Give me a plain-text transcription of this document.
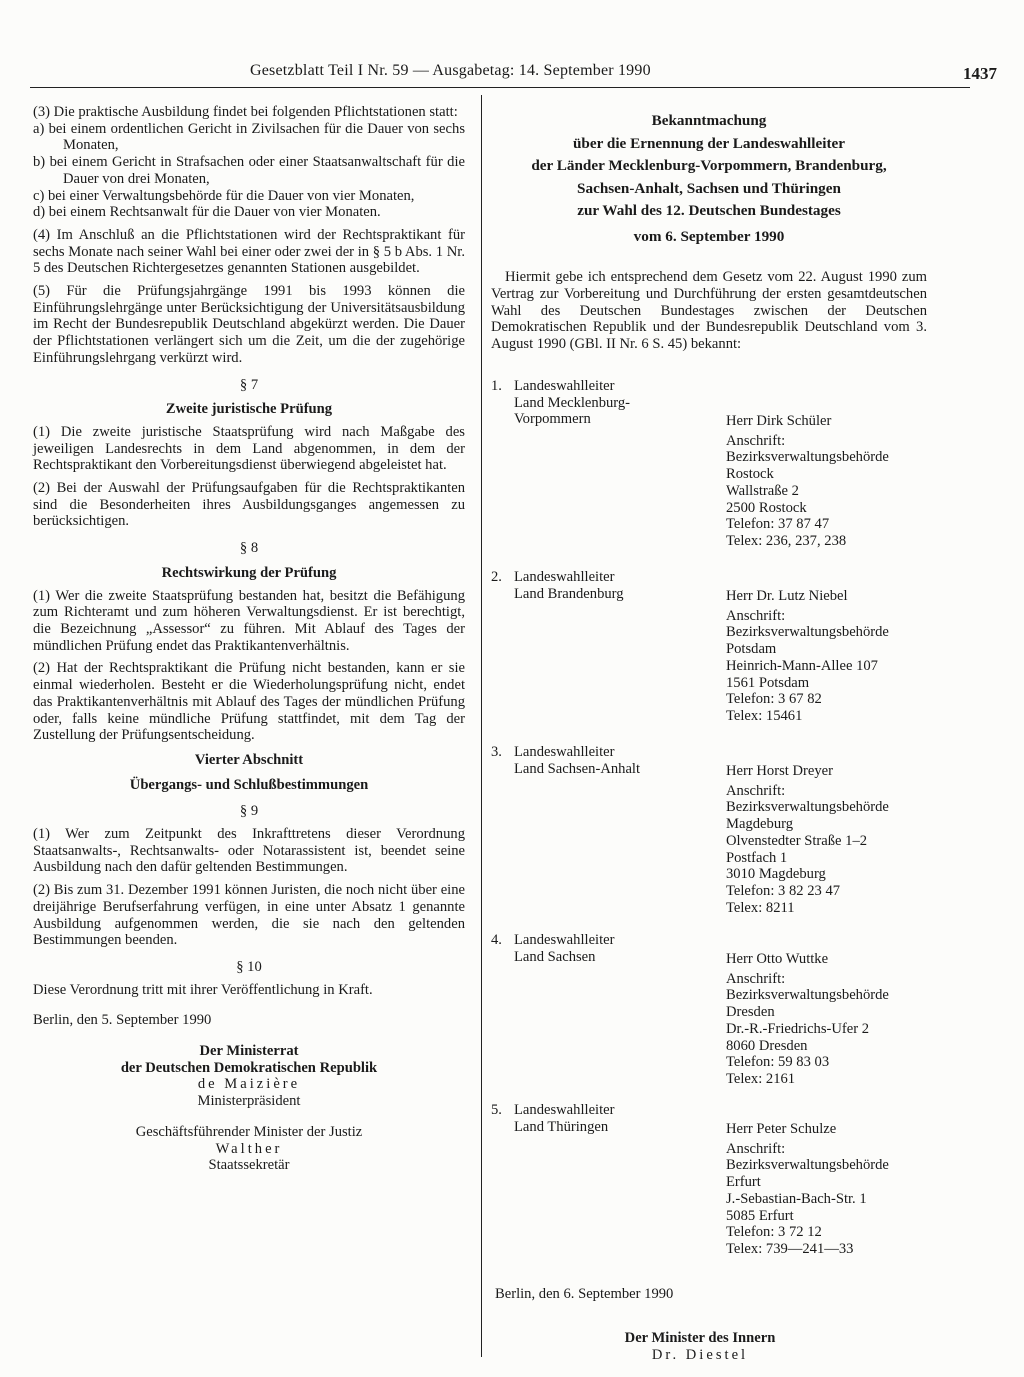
Gesetzblatt Teil I Nr. 59 — Ausgabetag: 14. September 1990	1437

(3) Die praktische Ausbildung findet bei folgenden Pflichtstationen statt:

a) bei einem ordentlichen Gericht in Zivilsachen für die Dauer von sechs Monaten,

b) bei einem Gericht in Strafsachen oder einer Staatsanwaltschaft für die Dauer von drei Monaten,

c) bei einer Verwaltungsbehörde für die Dauer von vier Monaten,

d) bei einem Rechtsanwalt für die Dauer von vier Monaten.

(4) Im Anschluß an die Pflichtstationen wird der Rechtspraktikant für sechs Monate nach seiner Wahl bei einer oder zwei der in § 5 b Abs. 1 Nr. 5 des Deutschen Richtergesetzes genannten Stationen ausgebildet.

(5) Für die Prüfungsjahrgänge 1991 bis 1993 können die Einführungslehrgänge unter Berücksichtigung der Universitätsausbildung im Recht der Bundesrepublik Deutschland abgekürzt werden. Die Dauer der Pflichtstationen verlängert sich um die Zeit, um die der zugehörige Einführungslehrgang verkürzt wird.

§ 7

Zweite juristische Prüfung

(1) Die zweite juristische Staatsprüfung wird nach Maßgabe des jeweiligen Landesrechts in dem Land abgenommen, in dem der Rechtspraktikant den Vorbereitungsdienst überwiegend abgeleistet hat.

(2) Bei der Auswahl der Prüfungsaufgaben für die Rechtspraktikanten sind die Besonderheiten ihres Ausbildungsganges angemessen zu berücksichtigen.

§ 8

Rechtswirkung der Prüfung

(1) Wer die zweite Staatsprüfung bestanden hat, besitzt die Befähigung zum Richteramt und zum höheren Verwaltungsdienst. Er ist berechtigt, die Bezeichnung „Assessor“ zu führen. Mit Ablauf des Tages der mündlichen Prüfung endet das Praktikantenverhältnis.

(2) Hat der Rechtspraktikant die Prüfung nicht bestanden, kann er sie einmal wiederholen. Besteht er die Wiederholungsprüfung nicht, endet das Praktikantenverhältnis mit Ablauf des Tages der mündlichen Prüfung oder, falls keine mündliche Prüfung stattfindet, mit dem Tag der Zustellung der Prüfungsentscheidung.

Vierter Abschnitt

Übergangs- und Schlußbestimmungen

§ 9

(1) Wer zum Zeitpunkt des Inkrafttretens dieser Verordnung Staatsanwalts-, Rechtsanwalts- oder Notarassistent ist, beendet seine Ausbildung nach den dafür geltenden Bestimmungen.

(2) Bis zum 31. Dezember 1991 können Juristen, die noch nicht über eine dreijährige Berufserfahrung verfügen, in eine unter Absatz 1 genannte Ausbildung aufgenommen werden, die sie nach den geltenden Bestimmungen beenden.

§ 10

Diese Verordnung tritt mit ihrer Veröffentlichung in Kraft.

Berlin, den 5. September 1990

Der Ministerrat

der Deutschen Demokratischen Republik

de Maizière

Ministerpräsident

Geschäftsführender Minister der Justiz

Walther

Staatssekretär

Bekanntmachung

über die Ernennung der Landeswahlleiter

der Länder Mecklenburg-Vorpommern, Brandenburg,

Sachsen-Anhalt, Sachsen und Thüringen

zur Wahl des 12. Deutschen Bundestages

vom 6. September 1990

Hiermit gebe ich entsprechend dem Gesetz vom 22. August 1990 zum Vertrag zur Vorbereitung und Durchführung der ersten gesamtdeutschen Wahl des Deutschen Bundestages zwischen der Deutschen Demokratischen Republik und der Bundesrepublik Deutschland vom 3. August 1990 (GBl. II Nr. 6 S. 45) bekannt:

1. Landeswahlleiter
Land Mecklenburg-
Vorpommern	Herr Dirk Schüler

Anschrift:

Bezirksverwaltungsbehörde

Rostock

Wallstraße 2

2500 Rostock

Telefon: 37 87 47

Telex: 236, 237, 238

2. Landeswahlleiter
Land Brandenburg	Herr Dr. Lutz Niebel

Anschrift:

Bezirksverwaltungsbehörde

Potsdam

Heinrich-Mann-Allee 107

1561 Potsdam

Telefon: 3 67 82

Telex: 15461

3. Landeswahlleiter
Land Sachsen-Anhalt	Herr Horst Dreyer

Anschrift:

Bezirksverwaltungsbehörde

Magdeburg

Olvenstedter Straße 1–2

Postfach 1

3010 Magdeburg

Telefon: 3 82 23 47

Telex: 8211

4. Landeswahlleiter
Land Sachsen	Herr Otto Wuttke

Anschrift:

Bezirksverwaltungsbehörde

Dresden

Dr.-R.-Friedrichs-Ufer 2

8060 Dresden

Telefon: 59 83 03

Telex: 2161

5. Landeswahlleiter
Land Thüringen	Herr Peter Schulze

Anschrift:

Bezirksverwaltungsbehörde

Erfurt

J.-Sebastian-Bach-Str. 1

5085 Erfurt

Telefon: 3 72 12

Telex: 739—241—33

Berlin, den 6. September 1990
Der Minister des Innern
Dr. Diestel
